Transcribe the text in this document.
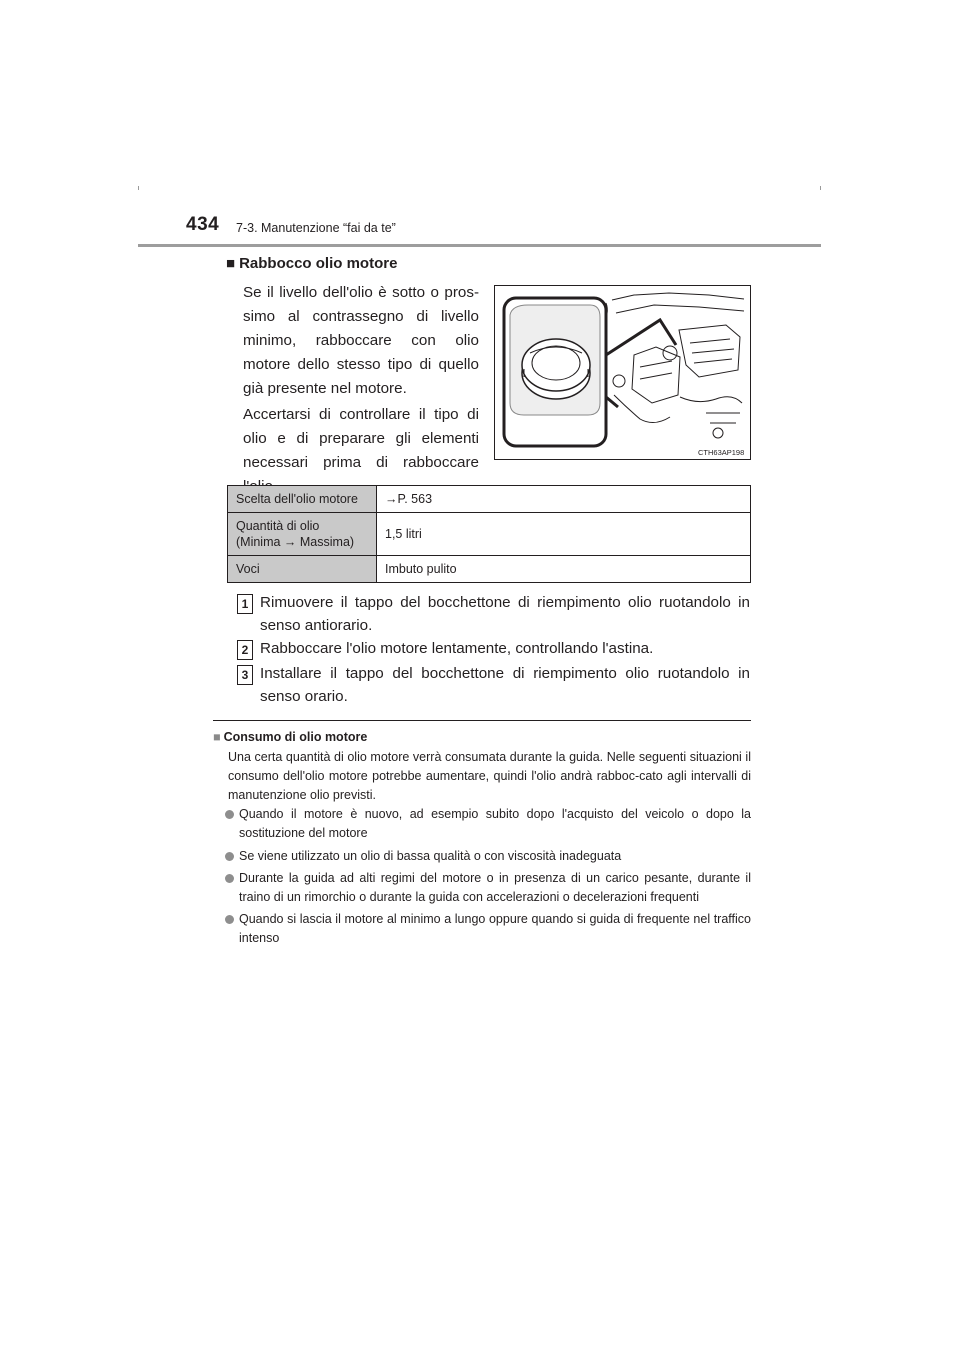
434 7-3. Manutenzione “fai da te”
■ Rabbocco olio motore
Se il livello dell'olio è sotto o pros-simo al contrassegno di livello minimo, rabboccare con olio motore dello stesso tipo di quello già presente nel motore.
Accertarsi di controllare il tipo di olio e di preparare gli elementi necessari prima di rabboccare
CTH63AP198
Scelta dell'olio motore	→P. 563
Quantità di olio
(Minima → Massima)	1,5 litri
Voci	Imbuto pulito
1 Rimuovere il tappo del bocchettone di riempimento olio ruotandolo in senso antiorario.
2 Rabboccare l'olio motore lentamente, controllando l'astina.
3 Installare il tappo del bocchettone di riempimento olio ruotandolo in senso orario.
■ Consumo di olio motore
Una certa quantità di olio motore verrà consumata durante la guida. Nelle seguenti situazioni il consumo dell'olio motore potrebbe aumentare, quindi l'olio andrà rabboc-cato agli intervalli di manutenzione olio previsti.
Quando il motore è nuovo, ad esempio subito dopo l'acquisto del veicolo o dopo la sostituzione del motore
Se viene utilizzato un olio di bassa qualità o con viscosità inadeguata
Durante la guida ad alti regimi del motore o in presenza di un carico pesante, durante il traino di un rimorchio o durante la guida con accelerazioni o decelerazioni frequenti
Quando si lascia il motore al minimo a lungo oppure quando si guida di frequente nel traffico intenso
